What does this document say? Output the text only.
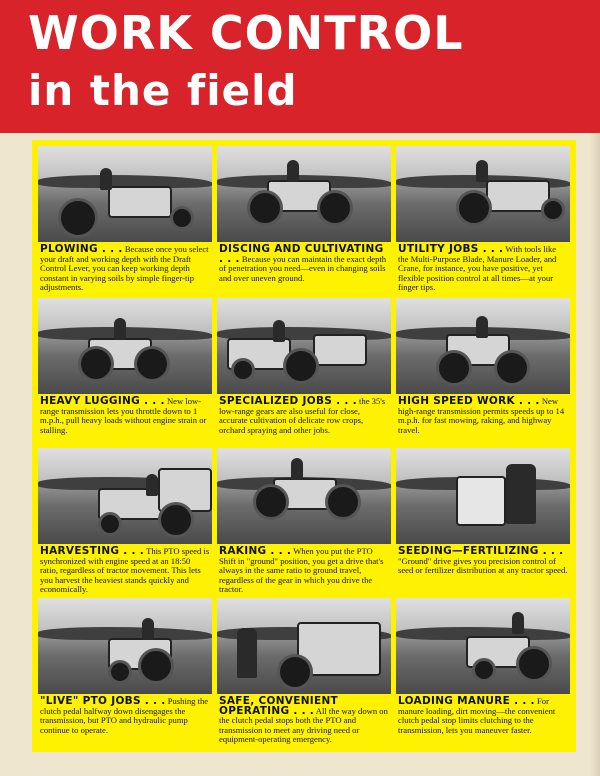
WORK CONTROL
in the field
PLOWING . . . Because once you select your draft and working depth with the Draft Control Lever, you can keep working depth constant in varying soils by simple finger-tip adjustments.
DISCING AND CULTIVATING . . . Because you can maintain the exact depth of penetration you need—even in changing soils and over uneven ground.
UTILITY JOBS . . . With tools like the Multi-Purpose Blade, Manure Loader, and Crane, for instance, you have positive, yet flexible position control at all times—at your finger tips.
HEAVY LUGGING . . . New low-range transmission lets you throttle down to 1 m.p.h., pull heavy loads without engine strain or stalling.
SPECIALIZED JOBS . . . the 35's low-range gears are also useful for close, accurate cultivation of delicate row crops, orchard spraying and other jobs.
HIGH SPEED WORK . . . New high-range transmission permits speeds up to 14 m.p.h. for fast mowing, raking, and highway travel.
HARVESTING . . . This PTO speed is synchronized with engine speed at an 18:50 ratio, regardless of tractor movement. This lets you harvest the heaviest stands quickly and economically.
RAKING . . . When you put the PTO Shift in "ground" position, you get a drive that's always in the same ratio to ground travel, regardless of the gear in which you drive the tractor.
SEEDING—FERTILIZING . . . "Ground" drive gives you precision control of seed or fertilizer distribution at any tractor speed.
"LIVE" PTO JOBS . . . Pushing the clutch pedal halfway down disengages the transmission, but PTO and hydraulic pump continue to operate.
SAFE, CONVENIENT OPERATING . . . All the way down on the clutch pedal stops both the PTO and transmission to meet any driving need or equipment-operating emergency.
LOADING MANURE . . . For manure loading, dirt moving—the convenient clutch pedal stop limits clutching to the transmission, lets you maneuver faster.
